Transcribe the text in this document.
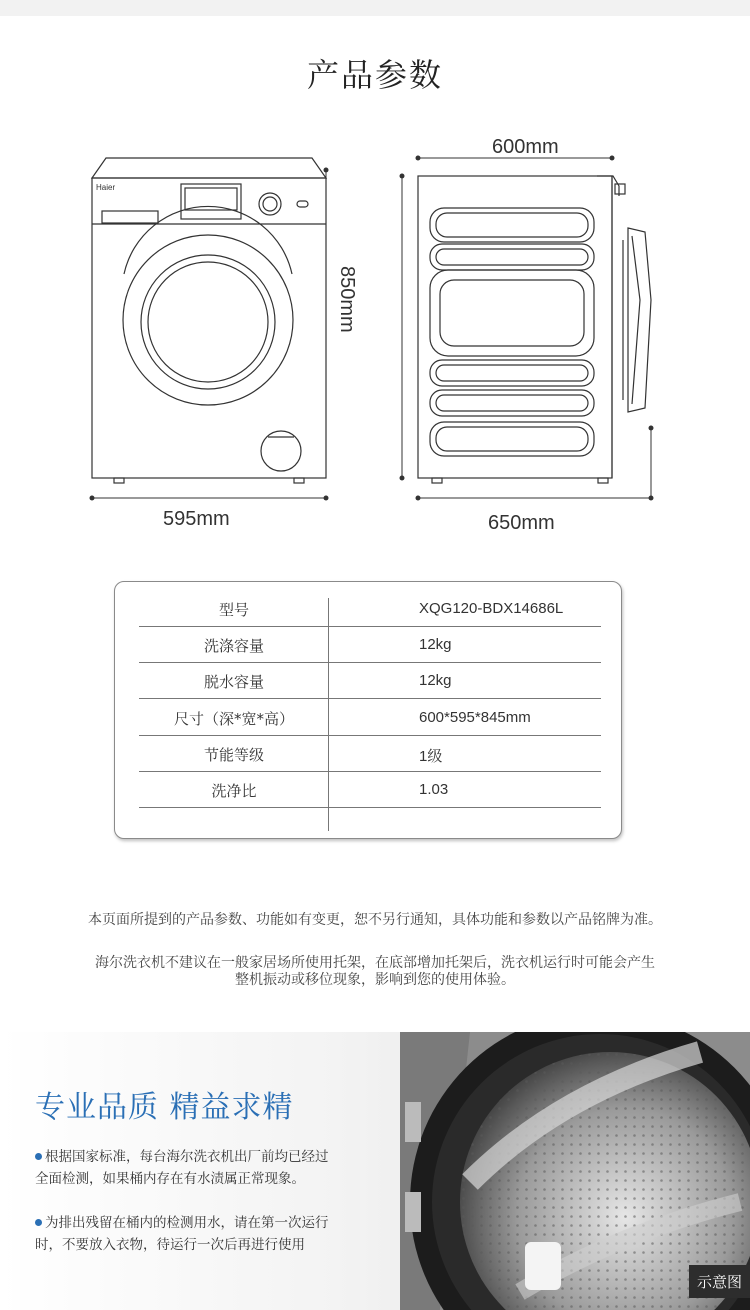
产品参数
Haier
600mm
850mm
595mm	650mm
型号	XQG120-BDX14686L
洗涤容量	12kg
脱水容量	12kg
尺寸（深*宽*高）	600*595*845mm
节能等级	1级
洗净比	1.03
本页面所提到的产品参数、功能如有变更，恕不另行通知，具体功能和参数以产品铭牌为准。
海尔洗衣机不建议在一般家居场所使用托架，在底部增加托架后，洗衣机运行时可能会产生
整机振动或移位现象，影响到您的使用体验。
专业品质 精益求精
根据国家标准，每台海尔洗衣机出厂前均已经过
全面检测，如果桶内存在有水渍属正常现象。
为排出残留在桶内的检测用水，请在第一次运行
时，不要放入衣物，待运行一次后再进行使用
示意图
